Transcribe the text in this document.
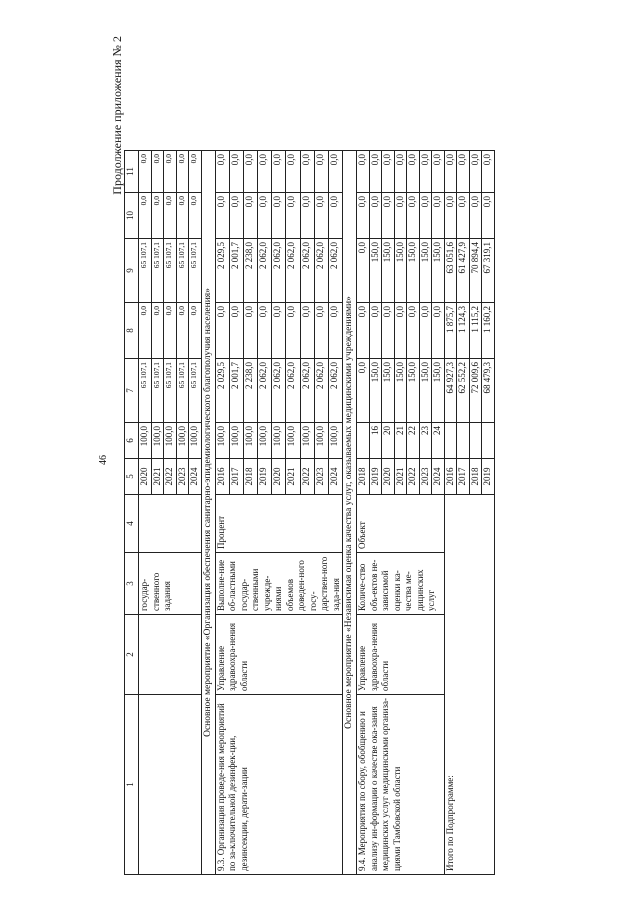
46
Продолжение приложения № 2
1	2	3	4	5	6	7	8	9	10	11
		государ-ственного задания		2020	100,0	65 107,1	0,0	65 107,1	0,0	0,0
				2021	100,0	65 107,1	0,0	65 107,1	0,0	0,0
				2022	100,0	65 107,1	0,0	65 107,1	0,0	0,0
				2023	100,0	65 107,1	0,0	65 107,1	0,0	0,0
				2024	100,0	65 107,1	0,0	65 107,1	0,0	0,0
Основное мероприятие «Организация обеспечения санитарно-эпидемиологического благополучия населения»										
9.3. Организация проведе-ния мероприятий по за-ключительной дезинфек-ции, дезинсекции, дерати-зации	Управление здравоохра-нения области	Выполне-ние об-ластными государ-ственными учрежде-ниями объемов доведен-ного госу-дарствен-ного зада-ния	Процент	2016	100,0	2 029,5	0,0	2 029,5	0,0	0,0
				2017	100,0	2 001,7	0,0	2 001,7	0,0	0,0
				2018	100,0	2 238,0	0,0	2 238,0	0,0	0,0
				2019	100,0	2 062,0	0,0	2 062,0	0,0	0,0
				2020	100,0	2 062,0	0,0	2 062,0	0,0	0,0
				2021	100,0	2 062,0	0,0	2 062,0	0,0	0,0
				2022	100,0	2 062,0	0,0	2 062,0	0,0	0,0
				2023	100,0	2 062,0	0,0	2 062,0	0,0	0,0
				2024	100,0	2 062,0	0,0	2 062,0	0,0	0,0
Основное мероприятие «Независимая оценка качества услуг, оказываемых медицинскими учреждениями»										
9.4. Мероприятия по сбору, обобщению и анализу ин-формации о качестве ока-зания медицинских услуг медицинскими организа-циями Тамбовской области	Управление здравоохра-нения области	Количе-ство объ-ектов не-зависимой оценки ка-чества ме-дицинских услуг	Объект	2018		0,0	0,0	0,0	0,0	0,0
				2019	16	150,0	0,0	150,0	0,0	0,0
				2020	20	150,0	0,0	150,0	0,0	0,0
				2021	21	150,0	0,0	150,0	0,0	0,0
				2022	22	150,0	0,0	150,0	0,0	0,0
				2023	23	150,0	0,0	150,0	0,0	0,0
				2024	24	150,0	0,0	150,0	0,0	0,0
Итого по Подпрограмме:				2016		64 927,3	1 875,7	63 051,6	0,0	0,0
				2017		62 552,2	1 124,3	61 427,9	0,0	0,0
				2018		72 009,6	1 115,2	70 894,4	0,0	0,0
				2019		68 479,3	1 160,2	67 319,1	0,0	0,0
